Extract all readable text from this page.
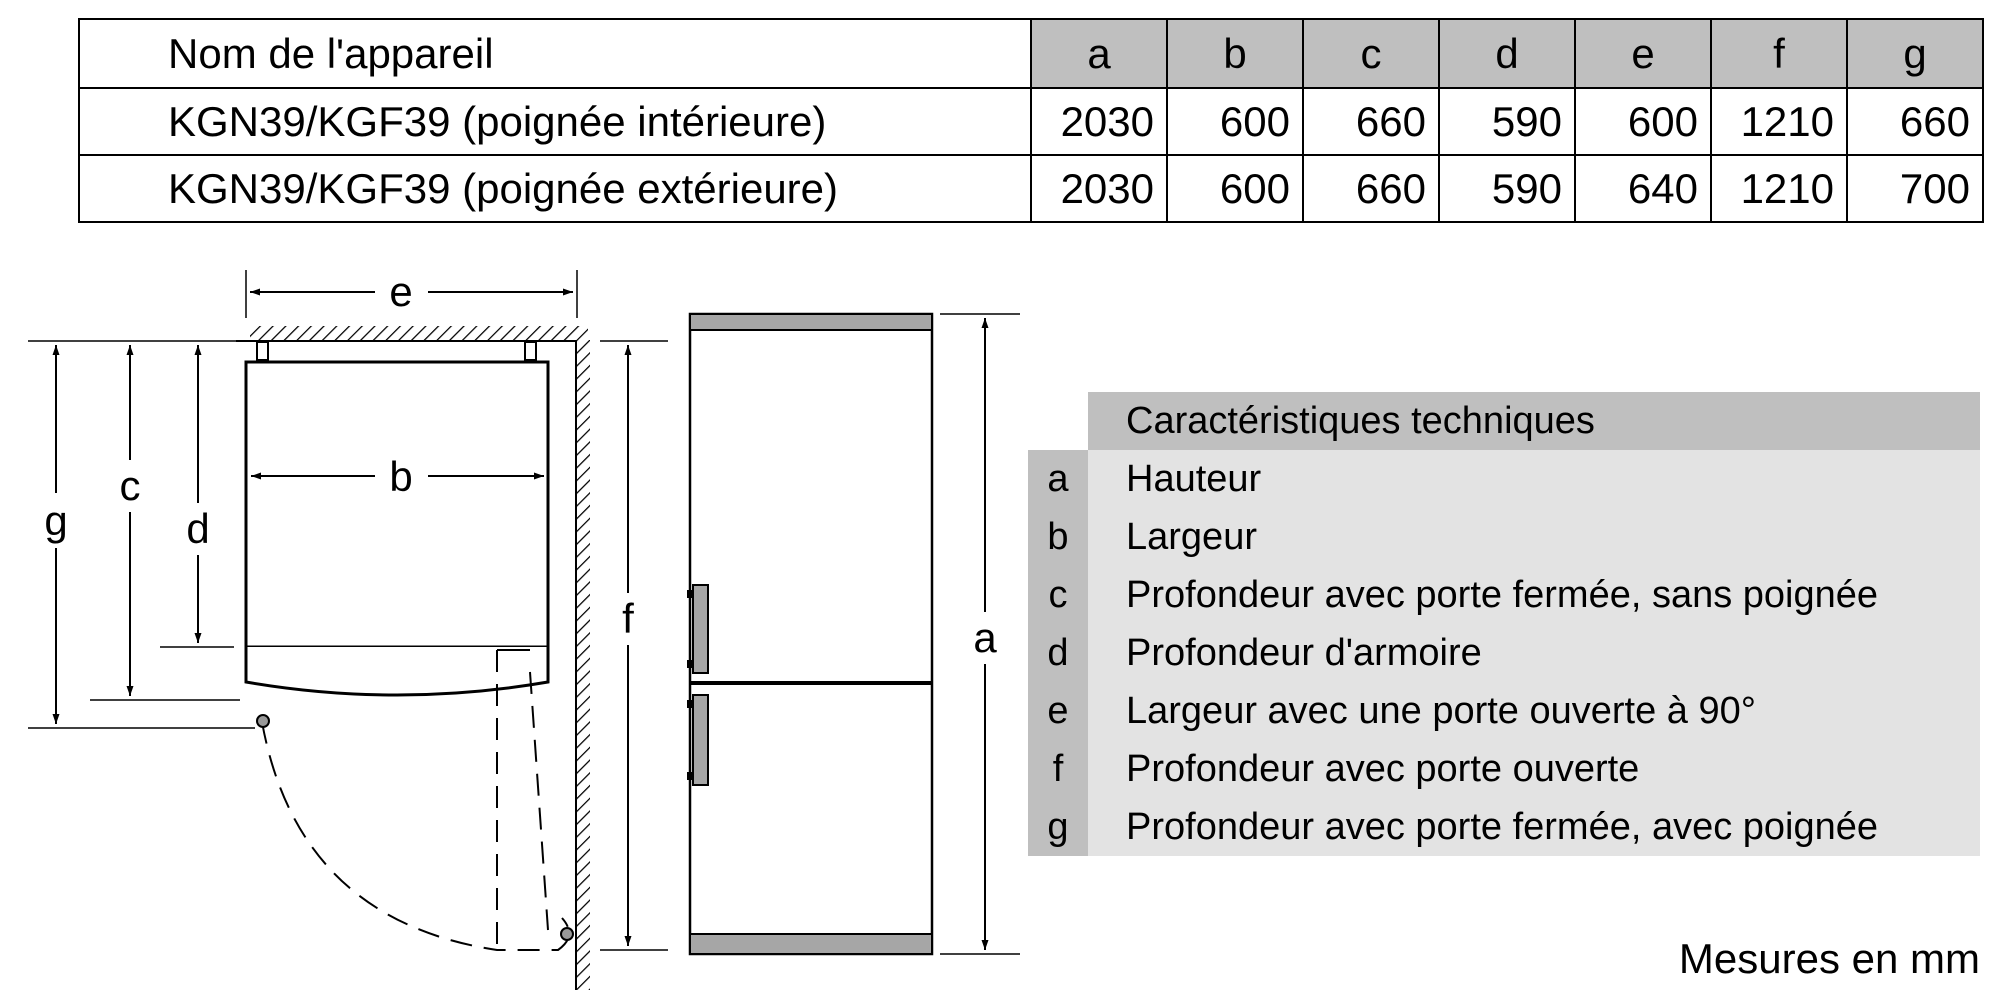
Nom de l'appareil	a	b	c	d	e	f	g
KGN39/KGF39 (poignée intérieure)	2030	600	660	590	600	1210	660
KGN39/KGF39 (poignée extérieure)	2030	600	660	590	640	1210	700
e
b
g
c
d
f	a
Caractéristiques techniques
a	Hauteur
b	Largeur
c	Profondeur avec porte fermée, sans poignée
d	Profondeur d'armoire
e	Largeur avec une porte ouverte à 90°
f	Profondeur avec porte ouverte
g	Profondeur avec porte fermée, avec poignée
Mesures en mm
